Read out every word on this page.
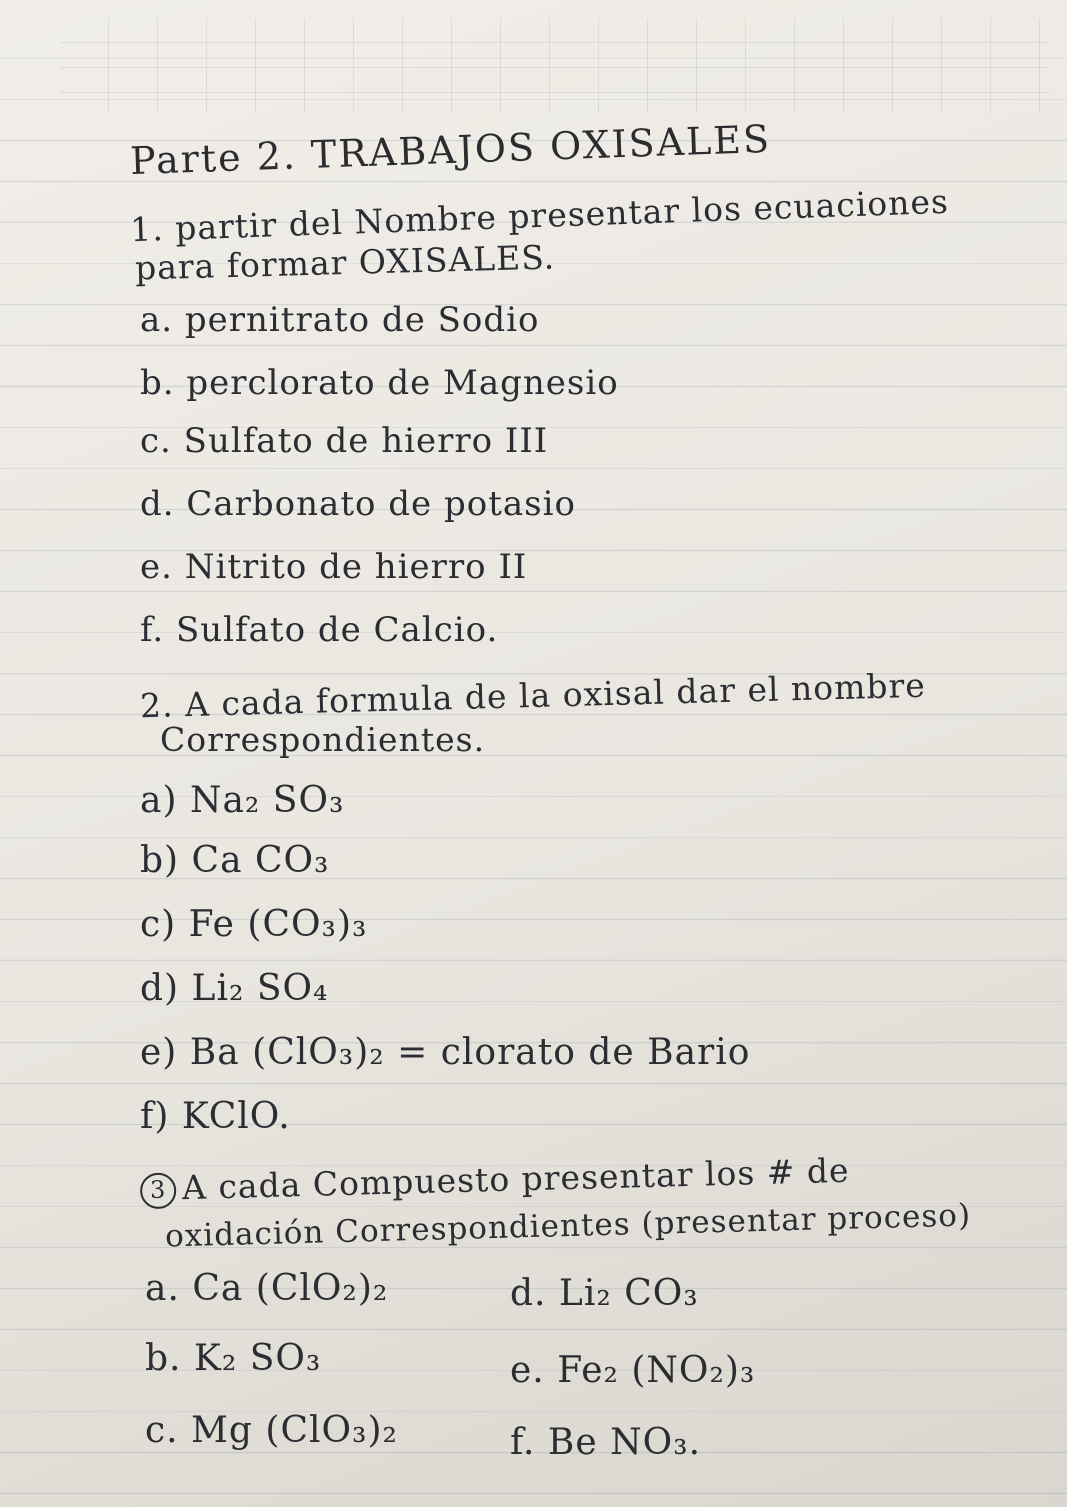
Parte 2. TRABAJOS OXISALES
1. partir del Nombre presentar los ecuaciones
para formar OXISALES.
a. pernitrato de Sodio
b. perclorato de Magnesio
c. Sulfato de hierro III
d. Carbonato de potasio
e. Nitrito de hierro II
f. Sulfato de Calcio.
2. A cada formula de la oxisal dar el nombre
Correspondientes.
a) Na₂ SO₃
b) Ca CO₃
c) Fe (CO₃)₃
d) Li₂ SO₄
e) Ba (ClO₃)₂ = clorato de Bario
f) KClO.
3 A cada Compuesto presentar los # de
oxidación Correspondientes (presentar proceso)
a. Ca (ClO₂)₂
b. K₂ SO₃
c. Mg (ClO₃)₂
d. Li₂ CO₃
e. Fe₂ (NO₂)₃
f. Be NO₃.
